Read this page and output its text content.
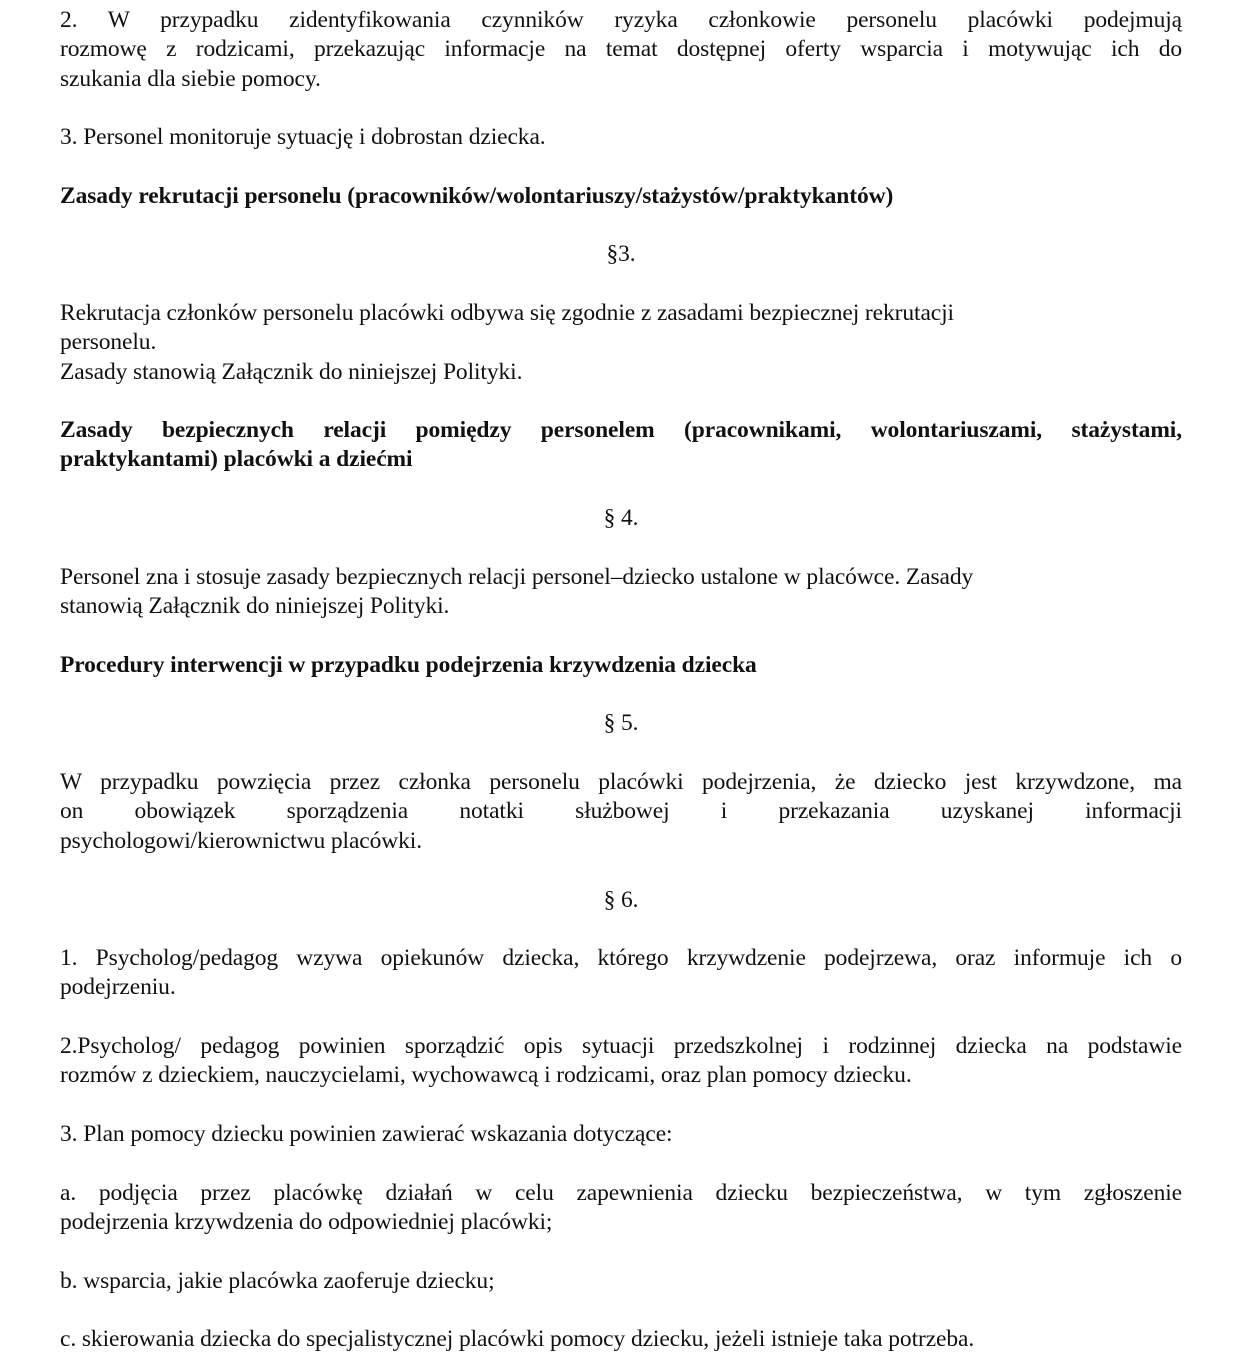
2. W przypadku zidentyfikowania czynników ryzyka członkowie personelu placówki podejmują
rozmowę z rodzicami, przekazując informacje na temat dostępnej oferty wsparcia i motywując ich do
szukania dla siebie pomocy.
3. Personel monitoruje sytuację i dobrostan dziecka.
Zasady rekrutacji personelu (pracowników/wolontariuszy/stażystów/praktykantów)
§3.
Rekrutacja członków personelu placówki odbywa się zgodnie z zasadami bezpiecznej rekrutacji
personelu.
Zasady stanowią Załącznik do niniejszej Polityki.
Zasady bezpiecznych relacji pomiędzy personelem (pracownikami, wolontariuszami, stażystami,
praktykantami) placówki a dziećmi
§ 4.
Personel zna i stosuje zasady bezpiecznych relacji personel–dziecko ustalone w placówce. Zasady
stanowią Załącznik do niniejszej Polityki.
Procedury interwencji w przypadku podejrzenia krzywdzenia dziecka
§ 5.
W przypadku powzięcia przez członka personelu placówki podejrzenia, że dziecko jest krzywdzone, ma
on obowiązek sporządzenia notatki służbowej i przekazania uzyskanej informacji
psychologowi/kierownictwu placówki.
§ 6.
1. Psycholog/pedagog wzywa opiekunów dziecka, którego krzywdzenie podejrzewa, oraz informuje ich o
podejrzeniu.
2.Psycholog/ pedagog powinien sporządzić opis sytuacji przedszkolnej i rodzinnej dziecka na podstawie
rozmów z dzieckiem, nauczycielami, wychowawcą i rodzicami, oraz plan pomocy dziecku.
3. Plan pomocy dziecku powinien zawierać wskazania dotyczące:
a. podjęcia przez placówkę działań w celu zapewnienia dziecku bezpieczeństwa, w tym zgłoszenie
podejrzenia krzywdzenia do odpowiedniej placówki;
b. wsparcia, jakie placówka zaoferuje dziecku;
c. skierowania dziecka do specjalistycznej placówki pomocy dziecku, jeżeli istnieje taka potrzeba.
